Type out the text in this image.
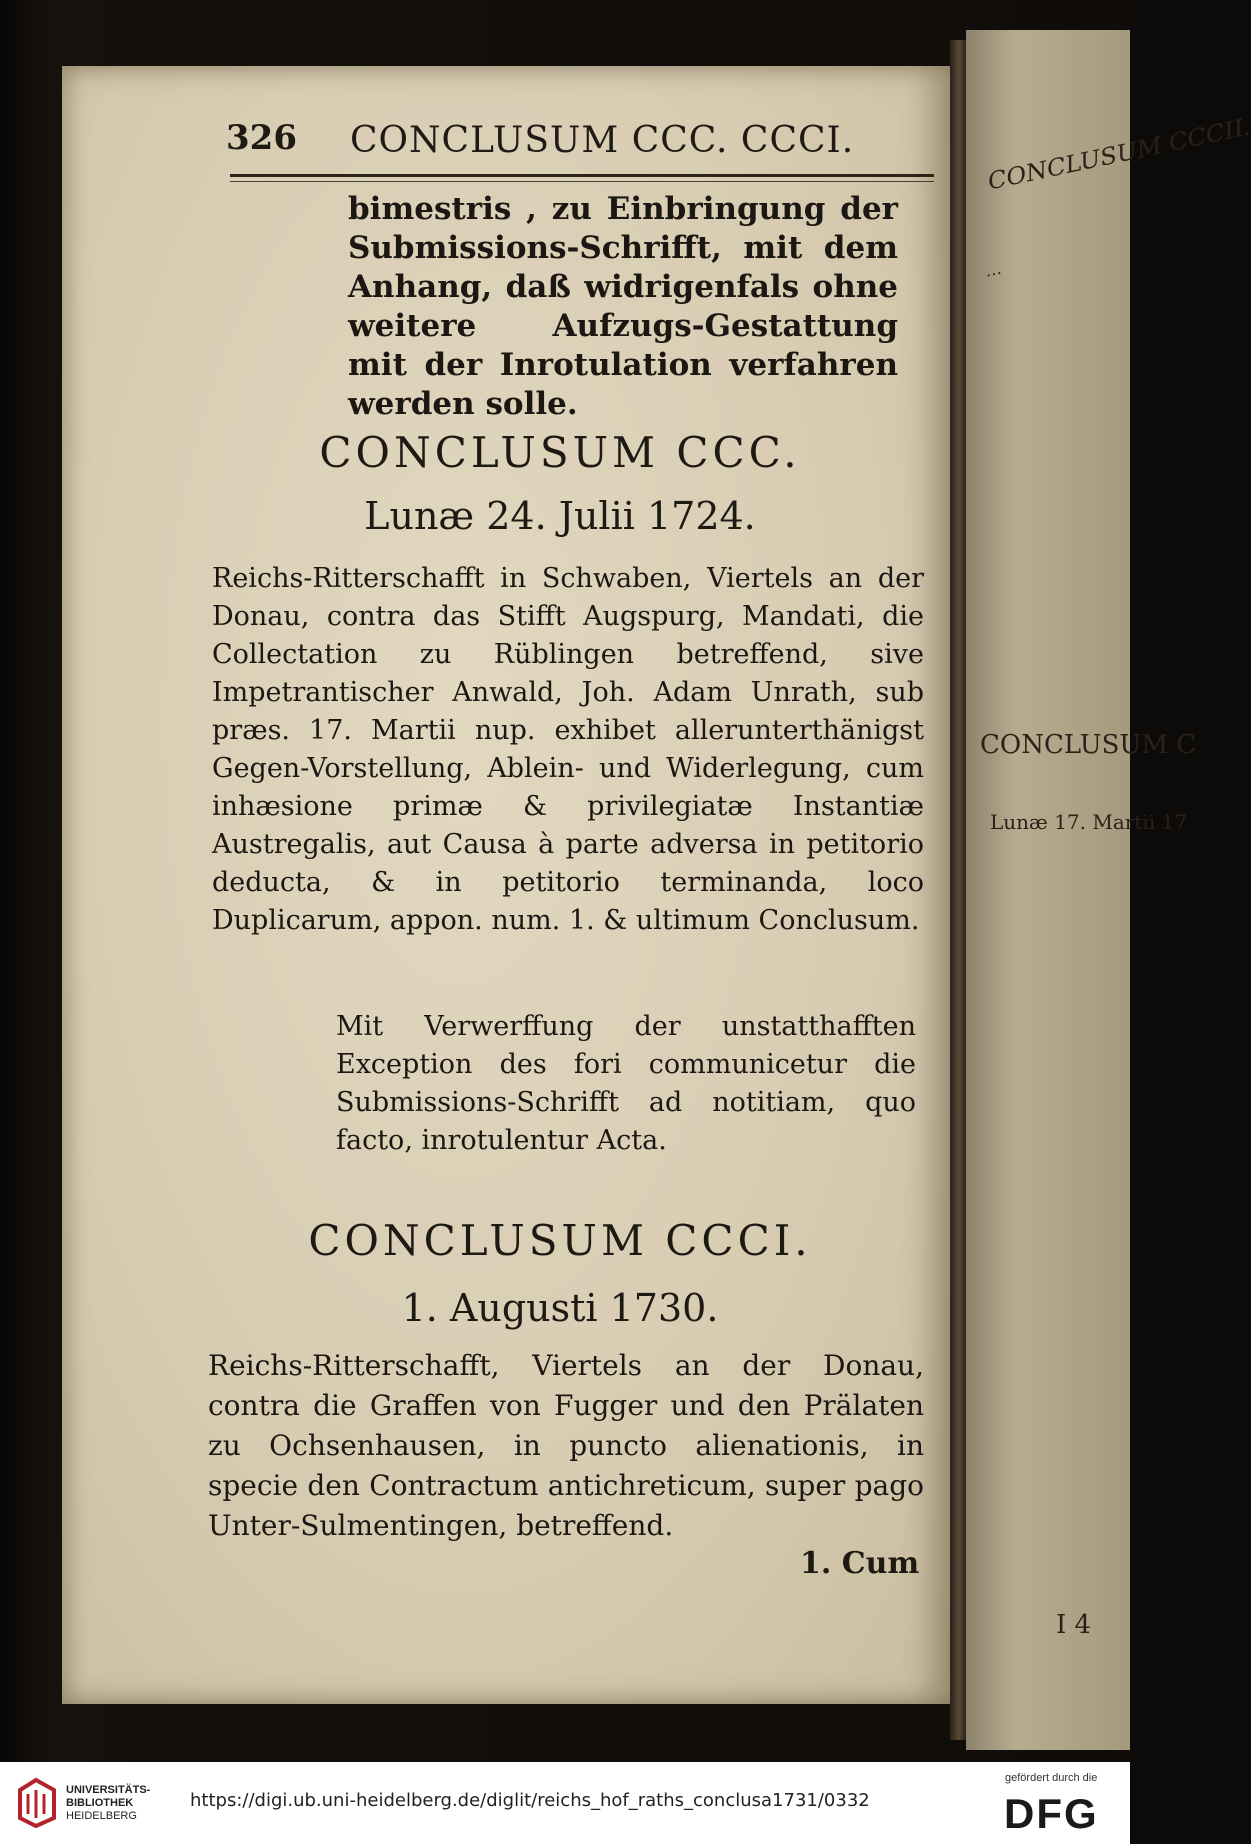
CONCLUSUM CCCII.
…
CONCLUSUM C
Lunæ 17. Martii 17
I 4
326 CONCLUSUM CCC. CCCI.
bimestris , zu Einbringung der Submissions-Schrifft, mit dem Anhang, daß widrigenfals ohne weitere Aufzugs-Gestattung mit der Inrotulation verfahren werden solle.
CONCLUSUM CCC.
Lunæ 24. Julii 1724.
Reichs-Ritterschafft in Schwaben, Viertels an der Donau, contra das Stifft Augspurg, Mandati, die Collectation zu Rüblingen betreffend, sive Impetrantischer Anwald, Joh. Adam Unrath, sub præs. 17. Martii nup. exhibet allerunterthänigst Gegen-Vorstellung, Ablein- und Widerlegung, cum inhæsione primæ & privilegiatæ Instantiæ Austregalis, aut Causa à parte adversa in petitorio deducta, & in petitorio terminanda, loco Duplicarum, appon. num. 1. & ultimum Conclusum.
Mit Verwerffung der unstatthafften Exception des fori communicetur die Submissions-Schrifft ad notitiam, quo facto, inrotulentur Acta.
CONCLUSUM CCCI.
1. Augusti 1730.
Reichs-Ritterschafft, Viertels an der Donau, contra die Graffen von Fugger und den Prälaten zu Ochsenhausen, in puncto alienationis, in specie den Contractum antichreticum, super pago Unter-Sulmentingen, betreffend.
1. Cum
UNIVERSITÄTS-
BIBLIOTHEK
HEIDELBERG
https://digi.ub.uni-heidelberg.de/diglit/reichs_hof_raths_conclusa1731/0332
gefördert durch die
DFG
